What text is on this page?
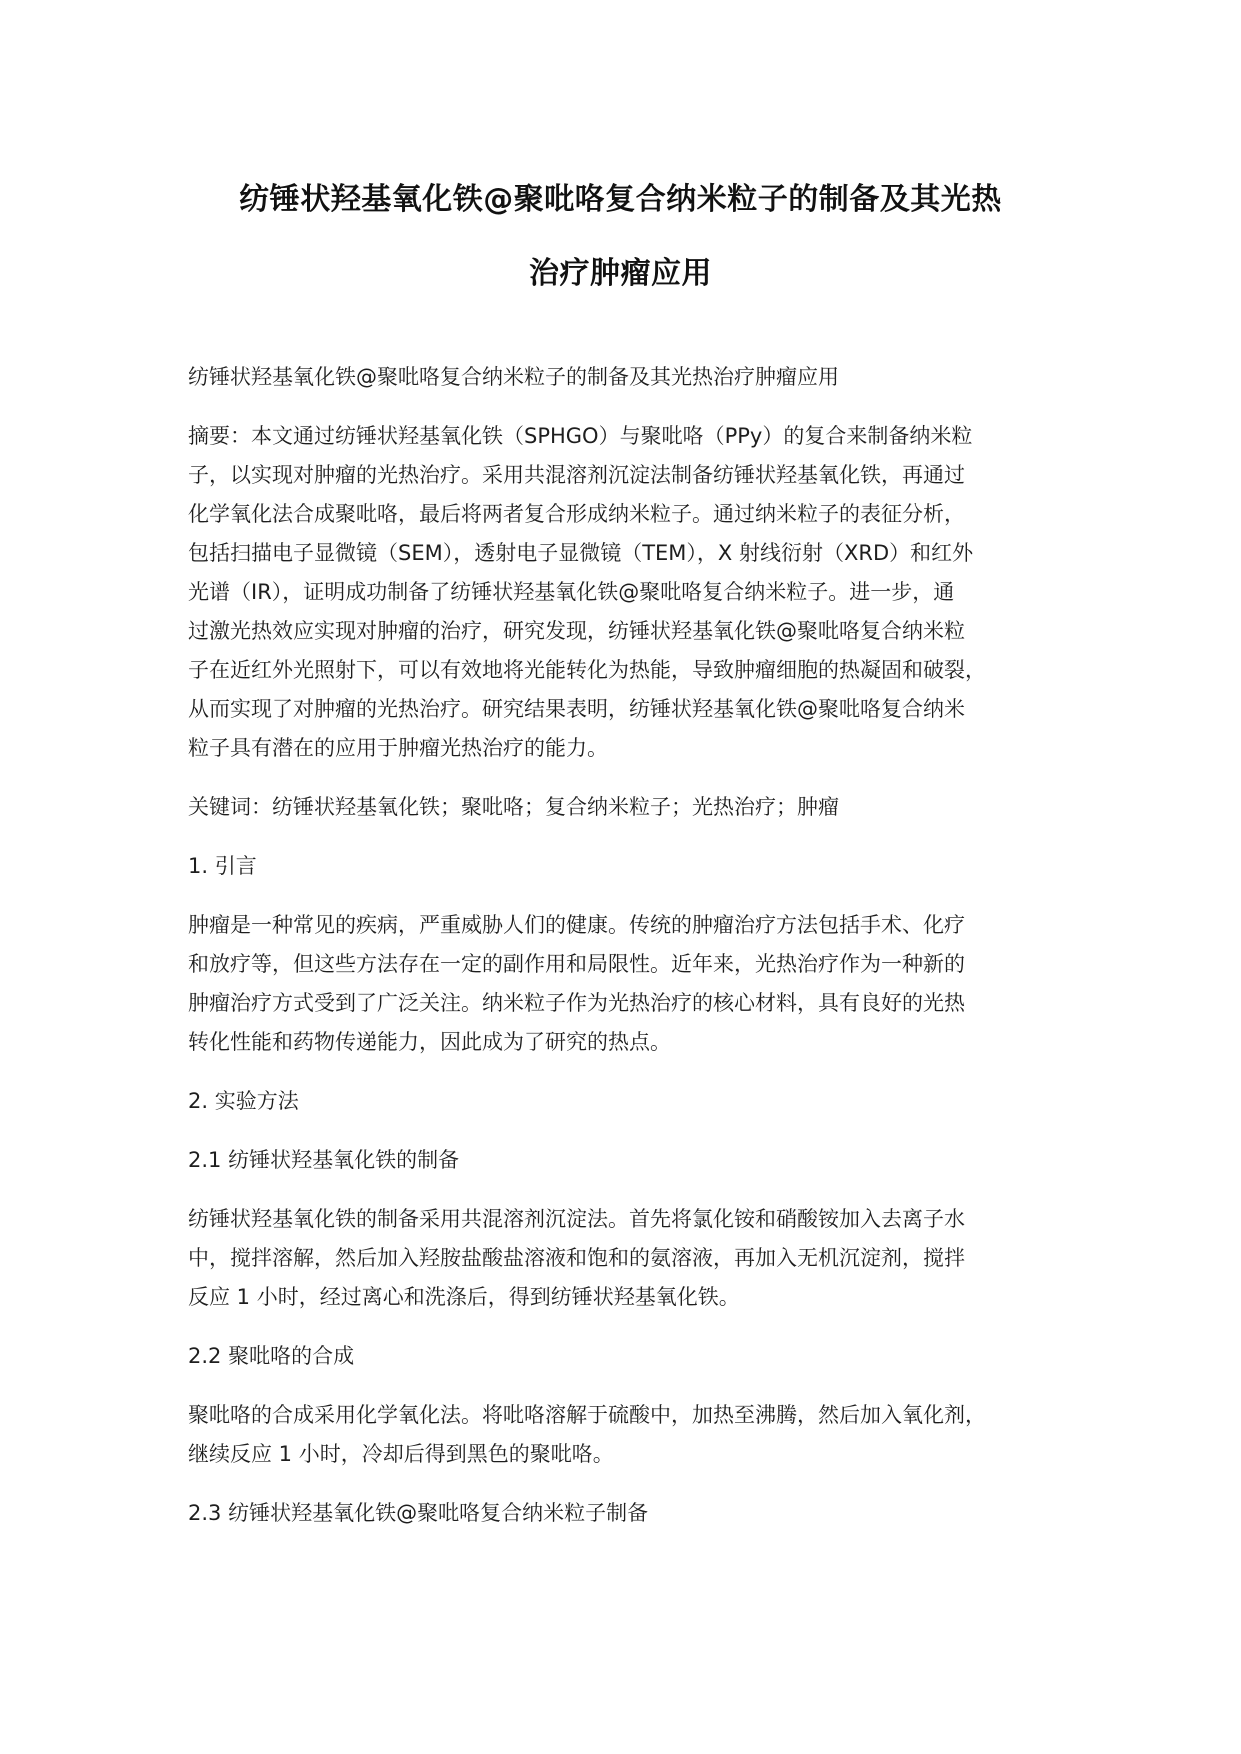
纺锤状羟基氧化铁@聚吡咯复合纳米粒子的制备及其光热
治疗肿瘤应用

纺锤状羟基氧化铁@聚吡咯复合纳米粒子的制备及其光热治疗肿瘤应用

摘要：本文通过纺锤状羟基氧化铁（SPHGO）与聚吡咯（PPy）的复合来制备纳米粒
子，以实现对肿瘤的光热治疗。采用共混溶剂沉淀法制备纺锤状羟基氧化铁，再通过
化学氧化法合成聚吡咯，最后将两者复合形成纳米粒子。通过纳米粒子的表征分析，
包括扫描电子显微镜（SEM），透射电子显微镜（TEM），X 射线衍射（XRD）和红外
光谱（IR），证明成功制备了纺锤状羟基氧化铁@聚吡咯复合纳米粒子。进一步，通
过激光热效应实现对肿瘤的治疗，研究发现，纺锤状羟基氧化铁@聚吡咯复合纳米粒
子在近红外光照射下，可以有效地将光能转化为热能，导致肿瘤细胞的热凝固和破裂，
从而实现了对肿瘤的光热治疗。研究结果表明，纺锤状羟基氧化铁@聚吡咯复合纳米
粒子具有潜在的应用于肿瘤光热治疗的能力。

关键词：纺锤状羟基氧化铁；聚吡咯；复合纳米粒子；光热治疗；肿瘤

1. 引言

肿瘤是一种常见的疾病，严重威胁人们的健康。传统的肿瘤治疗方法包括手术、化疗
和放疗等，但这些方法存在一定的副作用和局限性。近年来，光热治疗作为一种新的
肿瘤治疗方式受到了广泛关注。纳米粒子作为光热治疗的核心材料，具有良好的光热
转化性能和药物传递能力，因此成为了研究的热点。

2. 实验方法

2.1 纺锤状羟基氧化铁的制备

纺锤状羟基氧化铁的制备采用共混溶剂沉淀法。首先将氯化铵和硝酸铵加入去离子水
中，搅拌溶解，然后加入羟胺盐酸盐溶液和饱和的氨溶液，再加入无机沉淀剂，搅拌
反应 1 小时，经过离心和洗涤后，得到纺锤状羟基氧化铁。

2.2 聚吡咯的合成

聚吡咯的合成采用化学氧化法。将吡咯溶解于硫酸中，加热至沸腾，然后加入氧化剂，
继续反应 1 小时，冷却后得到黑色的聚吡咯。

2.3 纺锤状羟基氧化铁@聚吡咯复合纳米粒子制备
